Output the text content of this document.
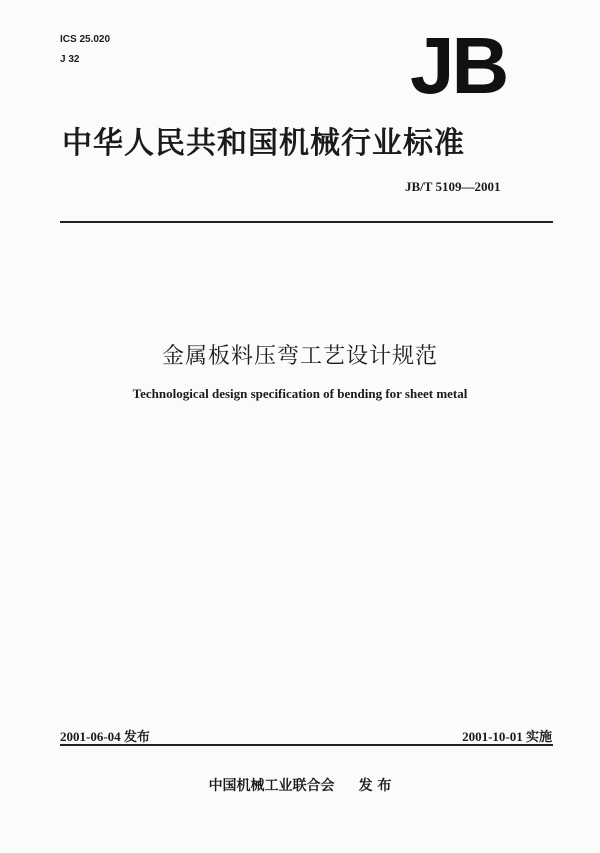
ICS 25.020
J 32	JB
中华人民共和国机械行业标准
JB/T 5109—2001
金属板料压弯工艺设计规范
Technological design specification of bending for sheet metal
2001-06-04 发布	2001-10-01 实施
中国机械工业联合会 发 布
